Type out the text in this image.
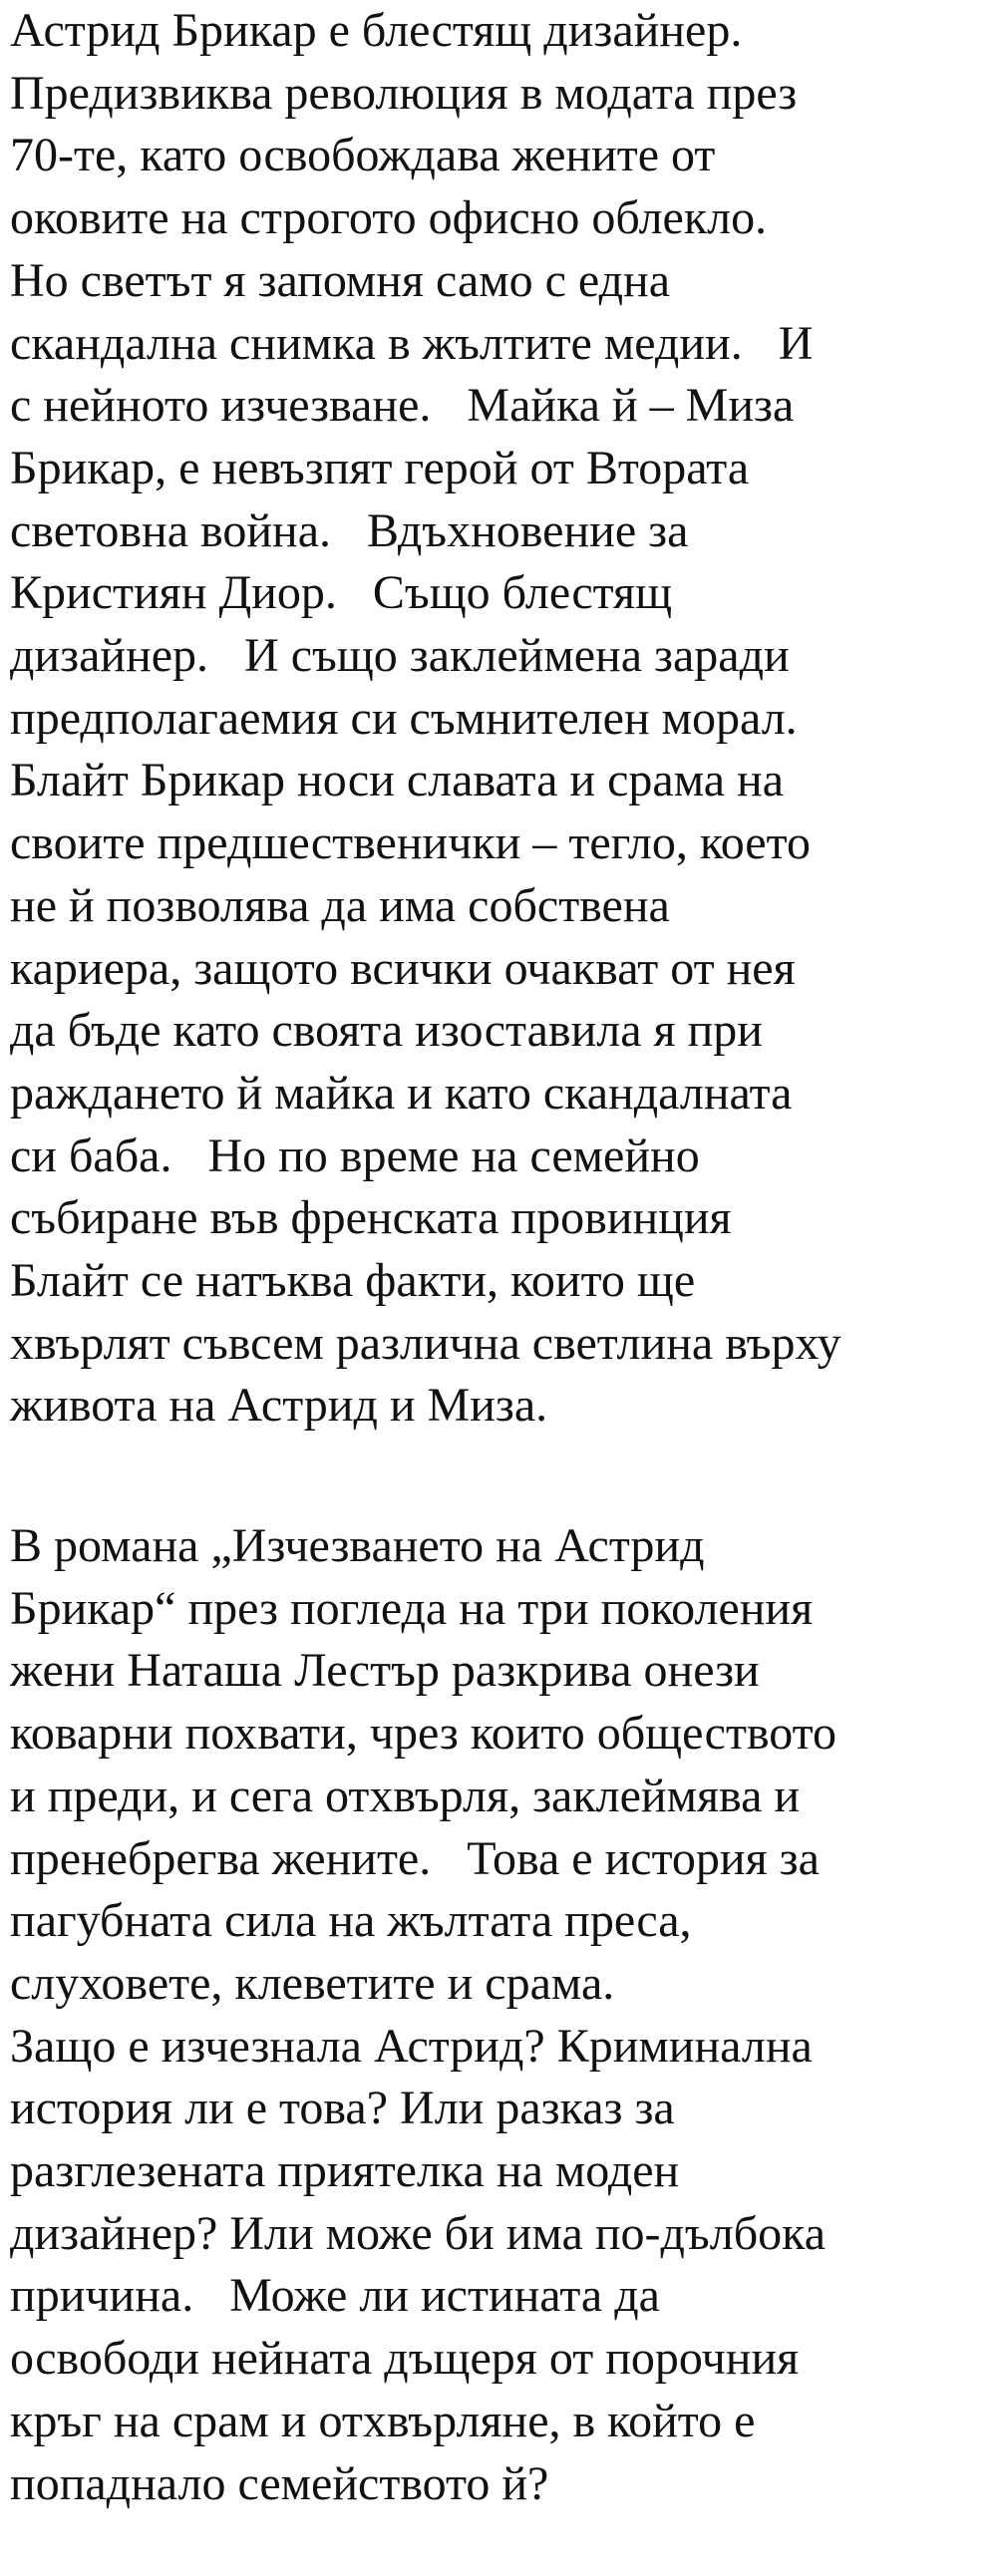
Астрид Брикар е блестящ дизайнер.
Предизвиква революция в модата през
70-те, като освобождава жените от
оковите на строгото офисно облекло.
Но светът я запомня само с една
скандална снимка в жълтите медии.   И
с нейното изчезване.   Майка й – Миза
Брикар, е невъзпят герой от Втората
световна война.   Вдъхновение за
Кристиян Диор.   Също блестящ
дизайнер.   И също заклеймена заради
предполагаемия си съмнителен морал.
Блайт Брикар носи славата и срама на
своите предшественички – тегло, което
не й позволява да има собствена
кариера, защото всички очакват от нея
да бъде като своята изоставила я при
раждането й майка и като скандалната
си баба.   Но по време на семейно
събиране във френската провинция
Блайт се натъква факти, които ще
хвърлят съвсем различна светлина върху
живота на Астрид и Миза.
В романа „Изчезването на Астрид
Брикар“ през погледа на три поколения
жени Наташа Лестър разкрива онези
коварни похвати, чрез които обществото
и преди, и сега отхвърля, заклеймява и
пренебрегва жените.   Това е история за
пагубната сила на жълтата преса,
слуховете, клеветите и срама.
Защо е изчезнала Астрид? Криминална
история ли е това? Или разказ за
разглезената приятелка на моден
дизайнер? Или може би има по-дълбока
причина.   Може ли истината да
освободи нейната дъщеря от порочния
кръг на срам и отхвърляне, в който е
попаднало семейството й?
